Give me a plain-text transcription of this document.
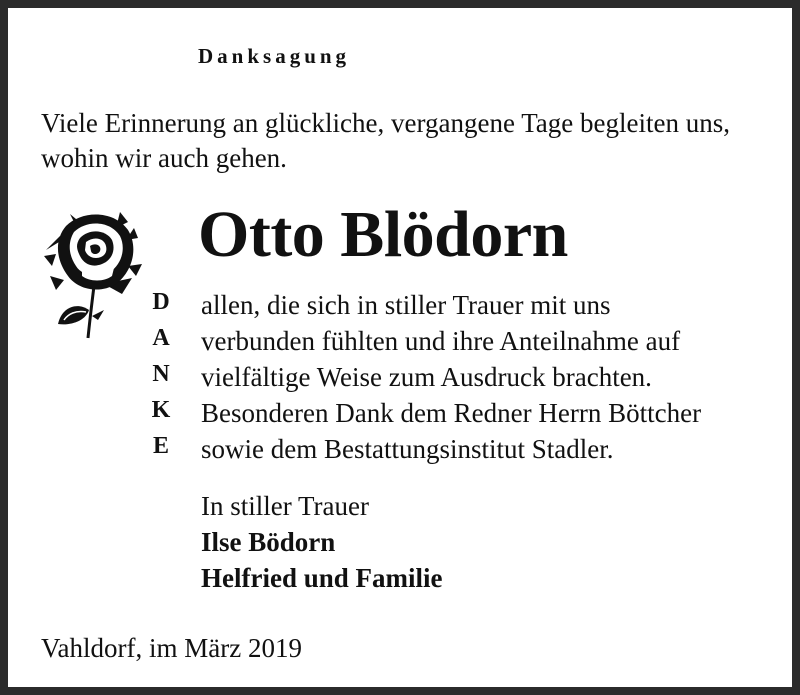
Danksagung
Viele Erinnerung an glückliche, vergangene Tage begleiten uns, wohin wir auch gehen.
Otto Blödorn
D
A
N
K
E
allen, die sich in stiller Trauer mit uns
verbunden fühlten und ihre Anteilnahme auf
vielfältige Weise zum Ausdruck brachten.
Besonderen Dank dem Redner Herrn Böttcher
sowie dem Bestattungsinstitut Stadler.
In stiller Trauer
Ilse Bödorn
Helfried und Familie
Vahldorf, im März 2019
